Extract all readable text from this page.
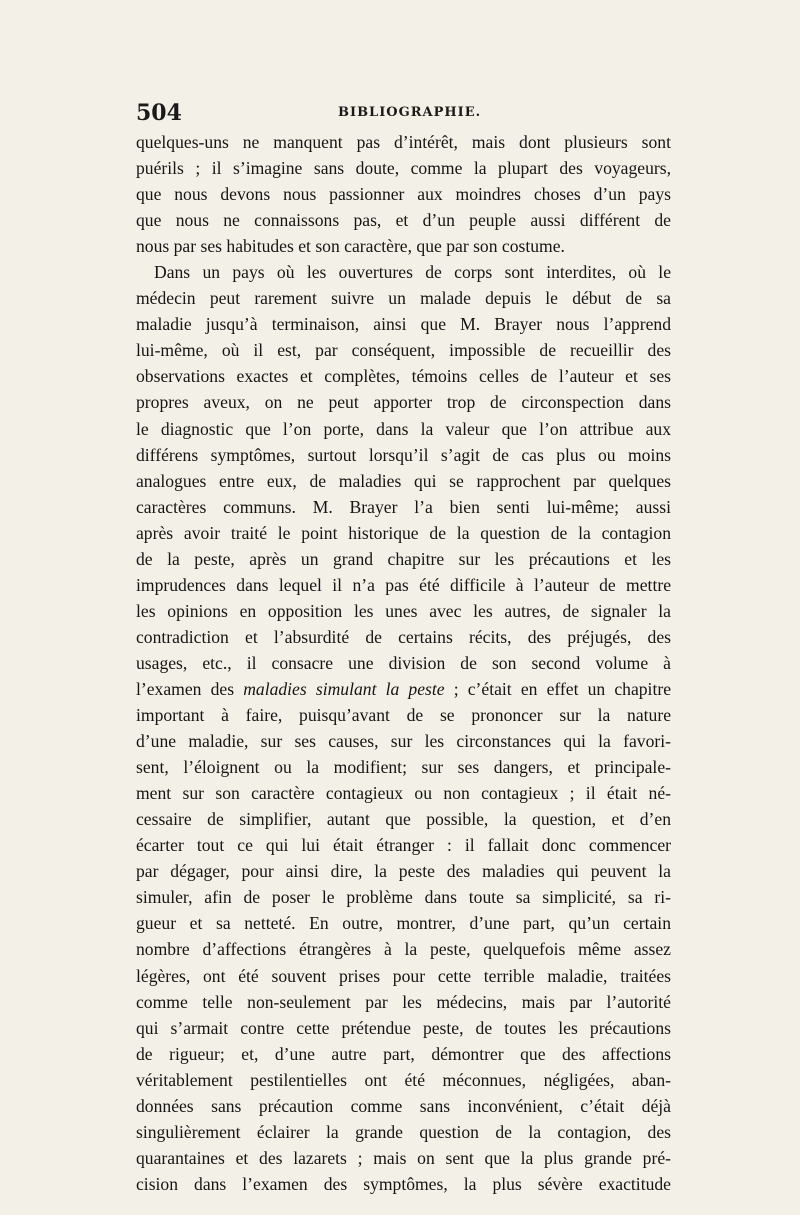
504	BIBLIOGRAPHIE.
quelques-uns ne manquent pas d’intérêt, mais dont plusieurs sont
puérils ; il s’imagine sans doute, comme la plupart des voyageurs,
que nous devons nous passionner aux moindres choses d’un pays
que nous ne connaissons pas, et d’un peuple aussi différent de
nous par ses habitudes et son caractère, que par son costume.
Dans un pays où les ouvertures de corps sont interdites, où le
médecin peut rarement suivre un malade depuis le début de sa
maladie jusqu’à terminaison, ainsi que M. Brayer nous l’apprend
lui-même, où il est, par conséquent, impossible de recueillir des
observations exactes et complètes, témoins celles de l’auteur et ses
propres aveux, on ne peut apporter trop de circonspection dans
le diagnostic que l’on porte, dans la valeur que l’on attribue aux
différens symptômes, surtout lorsqu’il s’agit de cas plus ou moins
analogues entre eux, de maladies qui se rapprochent par quelques
caractères communs. M. Brayer l’a bien senti lui-même; aussi
après avoir traité le point historique de la question de la contagion
de la peste, après un grand chapitre sur les précautions et les
imprudences dans lequel il n’a pas été difficile à l’auteur de mettre
les opinions en opposition les unes avec les autres, de signaler la
contradiction et l’absurdité de certains récits, des préjugés, des
usages, etc., il consacre une division de son second volume à
l’examen des maladies simulant la peste ; c’était en effet un chapitre
important à faire, puisqu’avant de se prononcer sur la nature
d’une maladie, sur ses causes, sur les circonstances qui la favori-
sent, l’éloignent ou la modifient; sur ses dangers, et principale-
ment sur son caractère contagieux ou non contagieux ; il était né-
cessaire de simplifier, autant que possible, la question, et d’en
écarter tout ce qui lui était étranger : il fallait donc commencer
par dégager, pour ainsi dire, la peste des maladies qui peuvent la
simuler, afin de poser le problème dans toute sa simplicité, sa ri-
gueur et sa netteté. En outre, montrer, d’une part, qu’un certain
nombre d’affections étrangères à la peste, quelquefois même assez
légères, ont été souvent prises pour cette terrible maladie, traitées
comme telle non-seulement par les médecins, mais par l’autorité
qui s’armait contre cette prétendue peste, de toutes les précautions
de rigueur; et, d’une autre part, démontrer que des affections
véritablement pestilentielles ont été méconnues, négligées, aban-
données sans précaution comme sans inconvénient, c’était déjà
singulièrement éclairer la grande question de la contagion, des
quarantaines et des lazarets ; mais on sent que la plus grande pré-
cision dans l’examen des symptômes, la plus sévère exactitude
